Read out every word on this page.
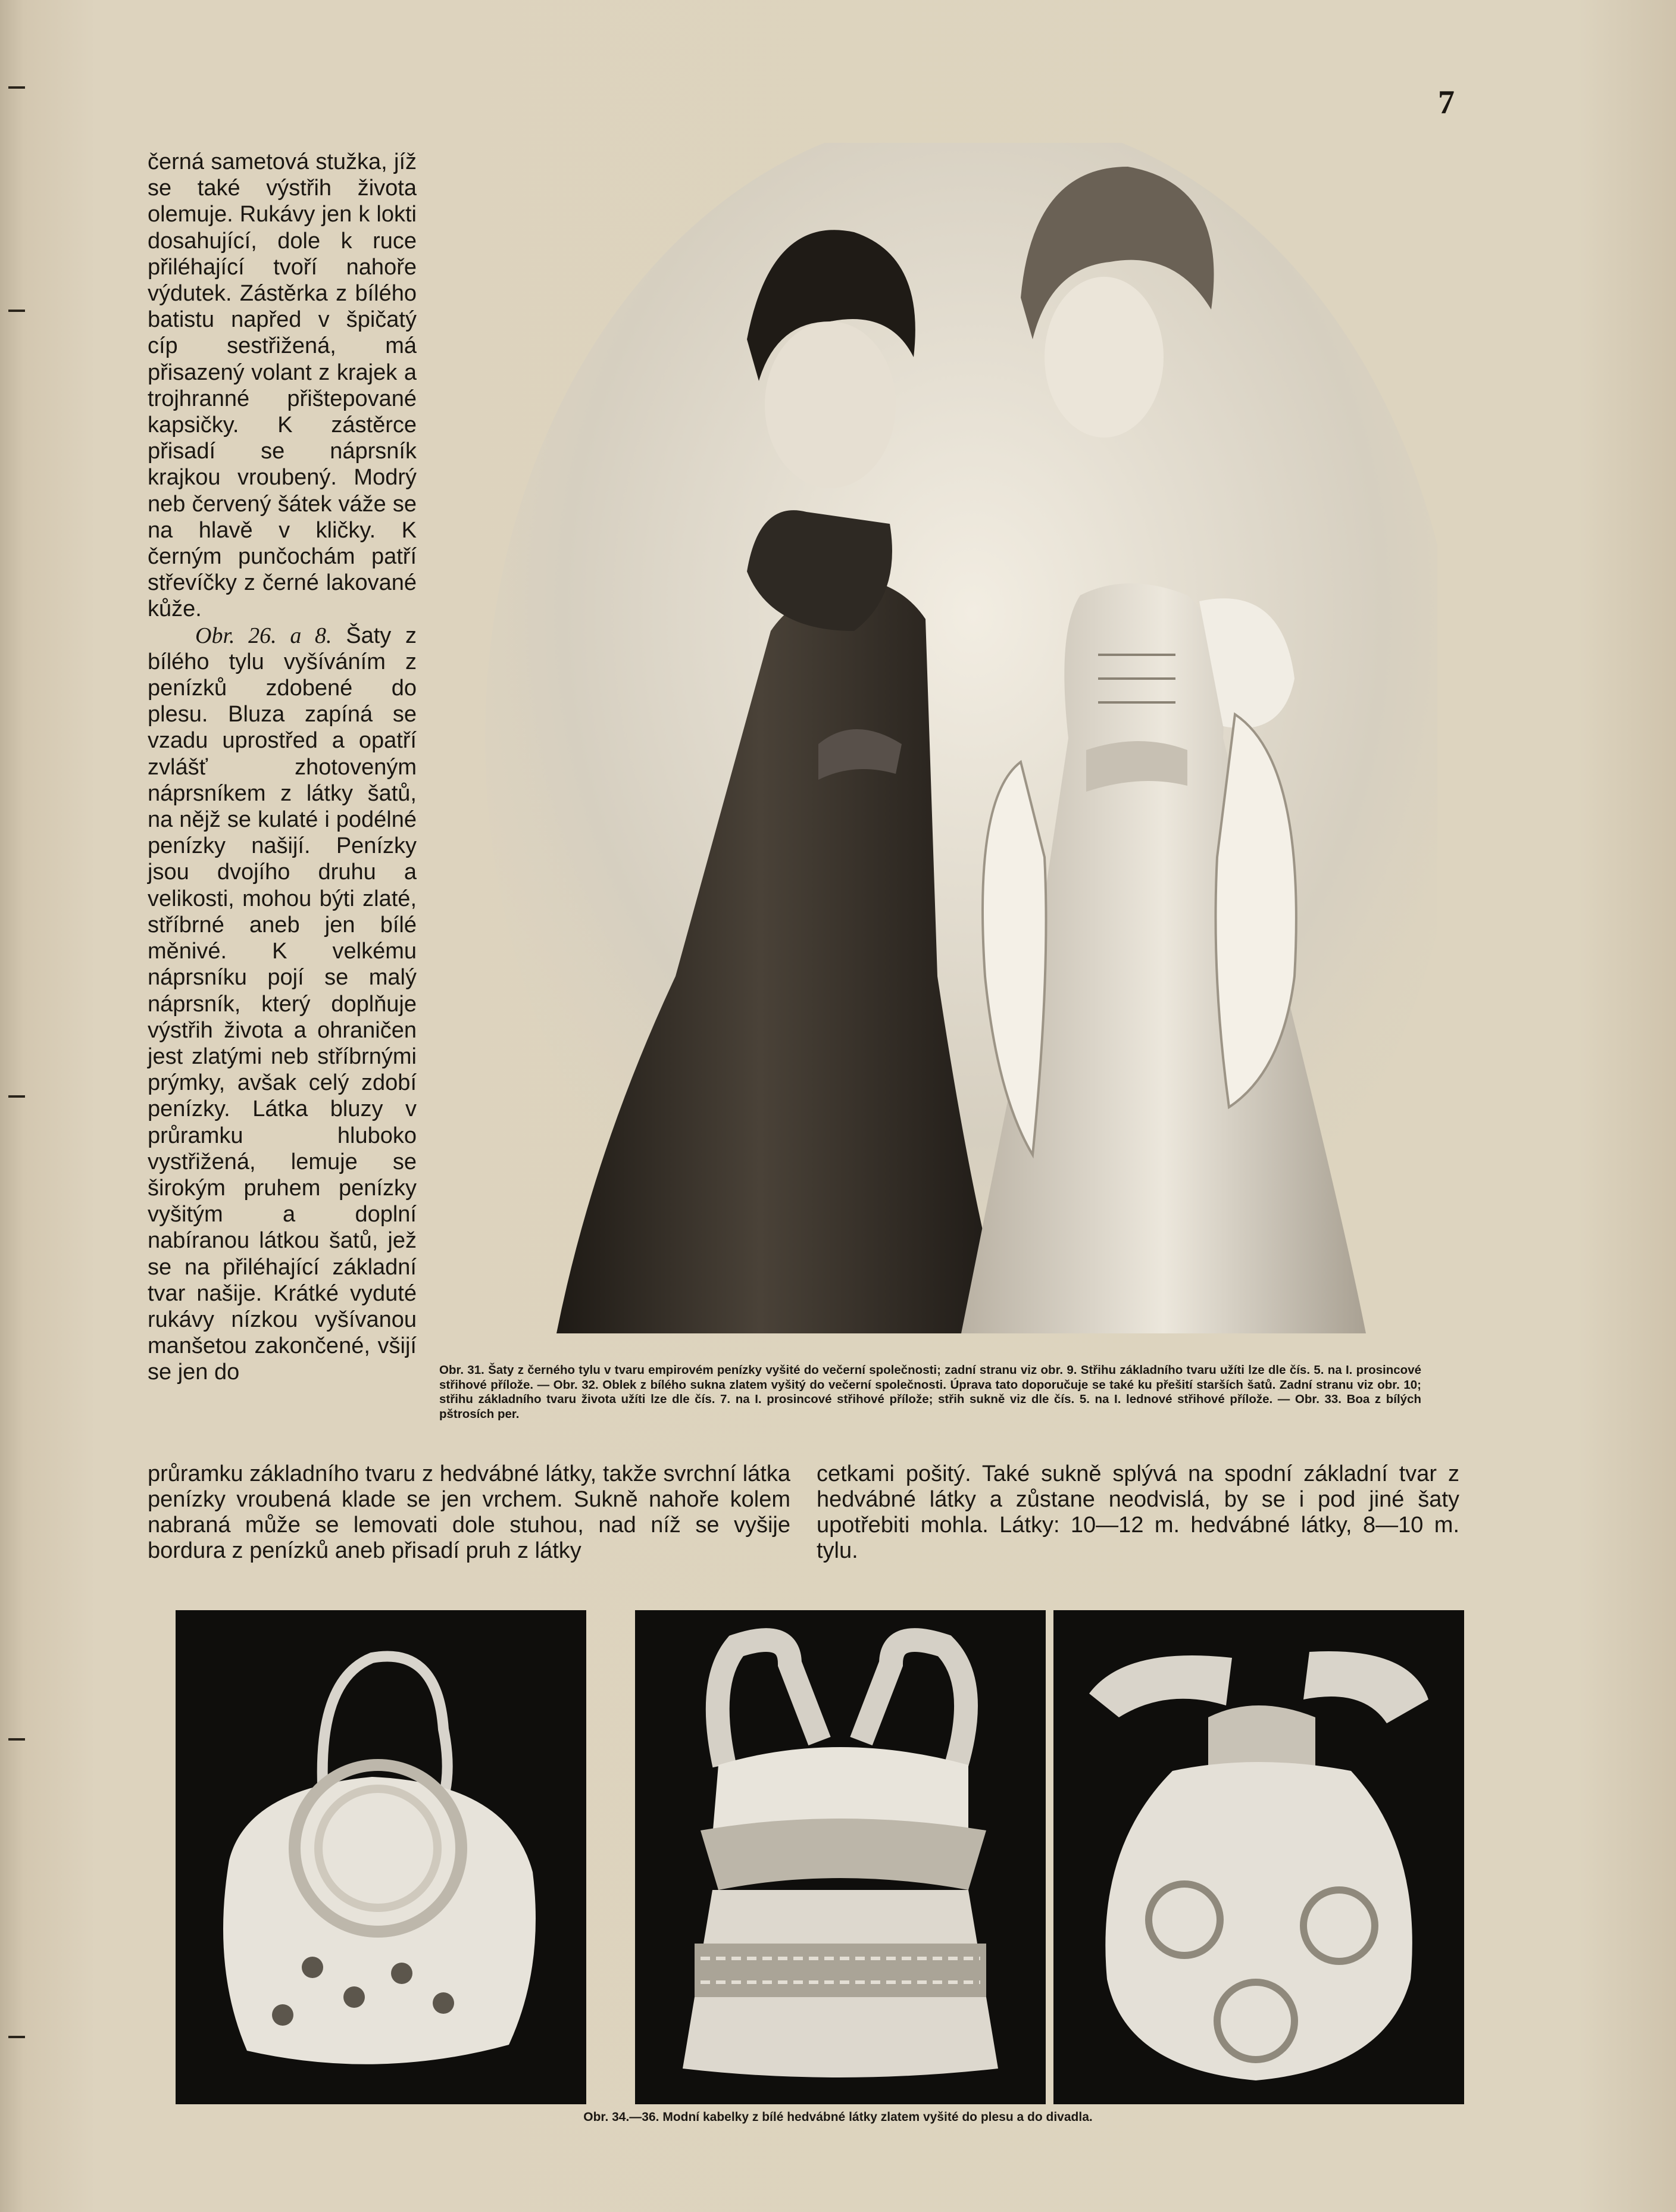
7

černá sametová stužka, jíž se také výstřih života olemuje. Rukávy jen k lokti dosahující, dole k ruce přiléhající tvoří nahoře výdutek. Zástěrka z bílého batistu napřed v špičatý cíp sestřižená, má přisazený volant z krajek a trojhranné přištepované kapsičky. K zástěrce přisadí se náprsník krajkou vroubený. Modrý neb červený šátek váže se na hlavě v kličky. K černým punčochám patří střevíčky z černé lakované kůže.

Obr. 26. a 8. Šaty z bílého tylu vyšíváním z penízků zdobené do plesu. Bluza zapíná se vzadu uprostřed a opatří zvlášť zhotoveným náprsníkem z látky šatů, na nějž se kulaté i podélné penízky našijí. Penízky jsou dvojího druhu a velikosti, mohou býti zlaté, stříbrné aneb jen bílé měnivé. K velkému náprsníku pojí se malý náprsník, který doplňuje výstřih života a ohraničen jest zlatými neb stříbrnými prýmky, avšak celý zdobí penízky. Látka bluzy v průramku hluboko vystřižená, lemuje se širokým pruhem penízky vyšitým a doplní nabíranou látkou šatů, jež se na přiléhající základní tvar našije. Krátké vyduté rukávy nízkou vyšívanou manšetou zakončené, všijí se jen do	Obr. 31. Šaty z černého tylu v tvaru empirovém penízky vyšité do večerní společnosti; zadní stranu viz obr. 9. Střihu základního tvaru užíti lze dle čís. 5. na I. prosincové střihové přílože. — Obr. 32. Oblek z bílého sukna zlatem vyšitý do večerní společnosti. Úprava tato doporučuje se také ku přešití starších šatů. Zadní stranu viz obr. 10; střihu základního tvaru života užíti lze dle čís. 7. na I. prosincové střihové přílože; střih sukně viz dle čís. 5. na I. lednové střihové přílože. — Obr. 33. Boa z bílých pštrosích per.
průramku základního tvaru z hedvábné látky, takže svrchní látka penízky vroubená klade se jen vrchem. Sukně nahoře kolem nabraná může se lemovati dole stuhou, nad níž se vyšije bordura z penízků aneb přisadí pruh z látky
cetkami pošitý. Také sukně splývá na spodní základní tvar z hedvábné látky a zůstane neodvislá, by se i pod jiné šaty upotřebiti mohla. Látky: 10—12 m. hedvábné látky, 8—10 m. tylu.
Obr. 34.—36. Modní kabelky z bílé hedvábné látky zlatem vyšité do plesu a do divadla.
